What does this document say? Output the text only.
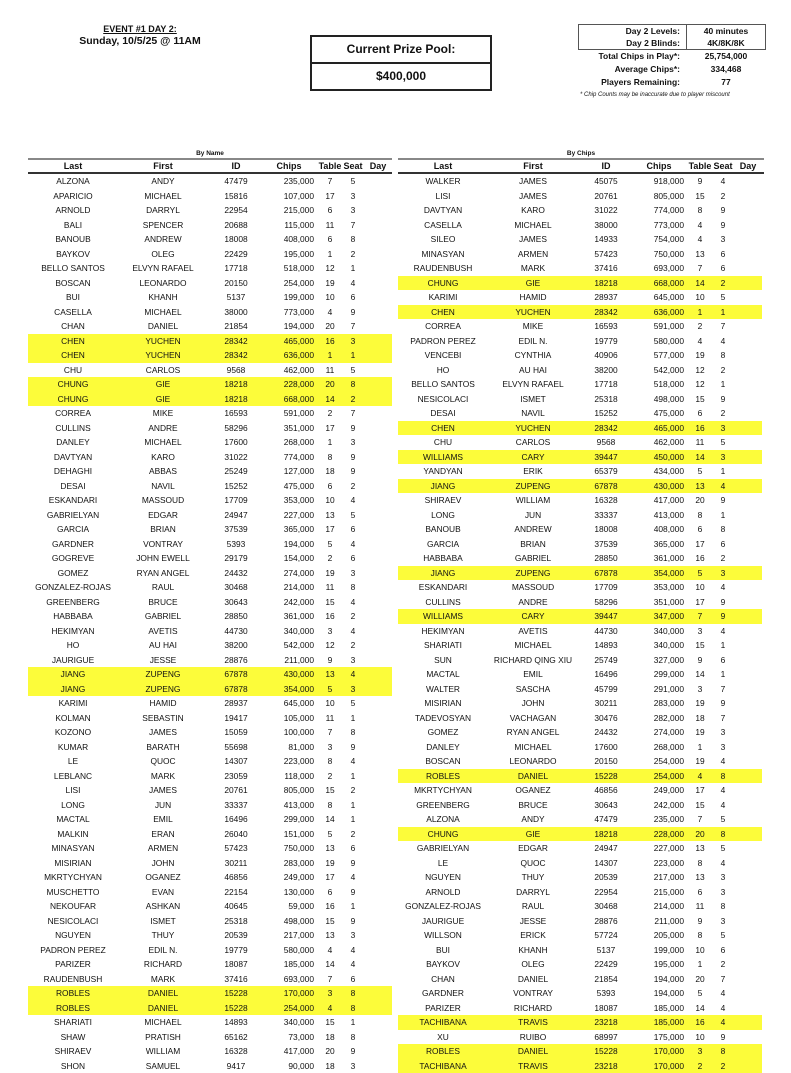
EVENT #1 DAY 2:
Sunday, 10/5/25 @ 11AM
Current Prize Pool:
$400,000
Day 2 Levels:	40 minutes
Day 2 Blinds:	4K/8K/8K
Total Chips in Play*:	25,754,000
Average Chips*:	334,468
Players Remaining:	77
* Chip Counts may be inaccurate due to player miscount
By Name
Last	First	ID	Chips	Table Seat Day
ALZONA	ANDY	47479	235,000	7	5
APARICIO	MICHAEL	15816	107,000	17	3
ARNOLD	DARRYL	22954	215,000	6	3
BALI	SPENCER	20688	115,000	11	7
BANOUB	ANDREW	18008	408,000	6	8
BAYKOV	OLEG	22429	195,000	1	2
BELLO SANTOS	ELVYN RAFAEL	17718	518,000	12	1
BOSCAN	LEONARDO	20150	254,000	19	4
BUI	KHANH	5137	199,000	10	6
CASELLA	MICHAEL	38000	773,000	4	9
CHAN	DANIEL	21854	194,000	20	7
CHEN	YUCHEN	28342	465,000	16	3
CHEN	YUCHEN	28342	636,000	1	1
CHU	CARLOS	9568	462,000	11	5
CHUNG	GIE	18218	228,000	20	8
CHUNG	GIE	18218	668,000	14	2
CORREA	MIKE	16593	591,000	2	7
CULLINS	ANDRE	58296	351,000	17	9
DANLEY	MICHAEL	17600	268,000	1	3
DAVTYAN	KARO	31022	774,000	8	9
DEHAGHI	ABBAS	25249	127,000	18	9
DESAI	NAVIL	15252	475,000	6	2
ESKANDARI	MASSOUD	17709	353,000	10	4
GABRIELYAN	EDGAR	24947	227,000	13	5
GARCIA	BRIAN	37539	365,000	17	6
GARDNER	VONTRAY	5393	194,000	5	4
GOGREVE	JOHN EWELL	29179	154,000	2	6
GOMEZ	RYAN ANGEL	24432	274,000	19	3
GONZALEZ-ROJAS	RAUL	30468	214,000	11	8
GREENBERG	BRUCE	30643	242,000	15	4
HABBABA	GABRIEL	28850	361,000	16	2
HEKIMYAN	AVETIS	44730	340,000	3	4
HO	AU HAI	38200	542,000	12	2
JAURIGUE	JESSE	28876	211,000	9	3
JIANG	ZUPENG	67878	430,000	13	4
JIANG	ZUPENG	67878	354,000	5	3
KARIMI	HAMID	28937	645,000	10	5
KOLMAN	SEBASTIN	19417	105,000	11	1
KOZONO	JAMES	15059	100,000	7	8
KUMAR	BARATH	55698	81,000	3	9
LE	QUOC	14307	223,000	8	4
LEBLANC	MARK	23059	118,000	2	1
LISI	JAMES	20761	805,000	15	2
LONG	JUN	33337	413,000	8	1
MACTAL	EMIL	16496	299,000	14	1
MALKIN	ERAN	26040	151,000	5	2
MINASYAN	ARMEN	57423	750,000	13	6
MISIRIAN	JOHN	30211	283,000	19	9
MKRTYCHYAN	OGANEZ	46856	249,000	17	4
MUSCHETTO	EVAN	22154	130,000	6	9
NEKOUFAR	ASHKAN	40645	59,000	16	1
NESICOLACI	ISMET	25318	498,000	15	9
NGUYEN	THUY	20539	217,000	13	3
PADRON PEREZ	EDIL N.	19779	580,000	4	4
PARIZER	RICHARD	18087	185,000	14	4
RAUDENBUSH	MARK	37416	693,000	7	6
ROBLES	DANIEL	15228	170,000	3	8
ROBLES	DANIEL	15228	254,000	4	8
SHARIATI	MICHAEL	14893	340,000	15	1
SHAW	PRATISH	65162	73,000	18	8
SHIRAEV	WILLIAM	16328	417,000	20	9
SHON	SAMUEL	9417	90,000	18	3
By Chips
Last	First	ID	Chips	Table Seat Day
WALKER	JAMES	45075	918,000	9	4
LISI	JAMES	20761	805,000	15	2
DAVTYAN	KARO	31022	774,000	8	9
CASELLA	MICHAEL	38000	773,000	4	9
SILEO	JAMES	14933	754,000	4	3
MINASYAN	ARMEN	57423	750,000	13	6
RAUDENBUSH	MARK	37416	693,000	7	6
CHUNG	GIE	18218	668,000	14	2
KARIMI	HAMID	28937	645,000	10	5
CHEN	YUCHEN	28342	636,000	1	1
CORREA	MIKE	16593	591,000	2	7
PADRON PEREZ	EDIL N.	19779	580,000	4	4
VENCEBI	CYNTHIA	40906	577,000	19	8
HO	AU HAI	38200	542,000	12	2
BELLO SANTOS	ELVYN RAFAEL	17718	518,000	12	1
NESICOLACI	ISMET	25318	498,000	15	9
DESAI	NAVIL	15252	475,000	6	2
CHEN	YUCHEN	28342	465,000	16	3
CHU	CARLOS	9568	462,000	11	5
WILLIAMS	CARY	39447	450,000	14	3
YANDYAN	ERIK	65379	434,000	5	1
JIANG	ZUPENG	67878	430,000	13	4
SHIRAEV	WILLIAM	16328	417,000	20	9
LONG	JUN	33337	413,000	8	1
BANOUB	ANDREW	18008	408,000	6	8
GARCIA	BRIAN	37539	365,000	17	6
HABBABA	GABRIEL	28850	361,000	16	2
JIANG	ZUPENG	67878	354,000	5	3
ESKANDARI	MASSOUD	17709	353,000	10	4
CULLINS	ANDRE	58296	351,000	17	9
WILLIAMS	CARY	39447	347,000	7	9
HEKIMYAN	AVETIS	44730	340,000	3	4
SHARIATI	MICHAEL	14893	340,000	15	1
SUN	RICHARD QING XIU	25749	327,000	9	6
MACTAL	EMIL	16496	299,000	14	1
WALTER	SASCHA	45799	291,000	3	7
MISIRIAN	JOHN	30211	283,000	19	9
TADEVOSYAN	VACHAGAN	30476	282,000	18	7
GOMEZ	RYAN ANGEL	24432	274,000	19	3
DANLEY	MICHAEL	17600	268,000	1	3
BOSCAN	LEONARDO	20150	254,000	19	4
ROBLES	DANIEL	15228	254,000	4	8
MKRTYCHYAN	OGANEZ	46856	249,000	17	4
GREENBERG	BRUCE	30643	242,000	15	4
ALZONA	ANDY	47479	235,000	7	5
CHUNG	GIE	18218	228,000	20	8
GABRIELYAN	EDGAR	24947	227,000	13	5
LE	QUOC	14307	223,000	8	4
NGUYEN	THUY	20539	217,000	13	3
ARNOLD	DARRYL	22954	215,000	6	3
GONZALEZ-ROJAS	RAUL	30468	214,000	11	8
JAURIGUE	JESSE	28876	211,000	9	3
WILLSON	ERICK	57724	205,000	8	5
BUI	KHANH	5137	199,000	10	6
BAYKOV	OLEG	22429	195,000	1	2
CHAN	DANIEL	21854	194,000	20	7
GARDNER	VONTRAY	5393	194,000	5	4
PARIZER	RICHARD	18087	185,000	14	4
TACHIBANA	TRAVIS	23218	185,000	16	4
XU	RUIBO	68997	175,000	10	9
ROBLES	DANIEL	15228	170,000	3	8
TACHIBANA	TRAVIS	23218	170,000	2	2
